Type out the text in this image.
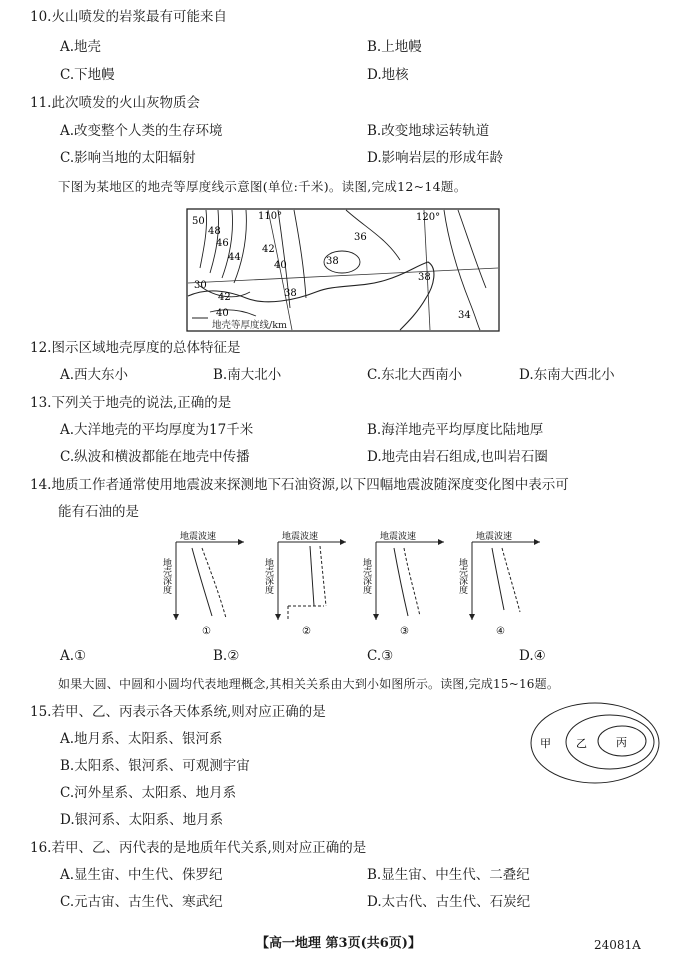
10.火山喷发的岩浆最有可能来自
A.地壳	B.上地幔
C.下地幔	D.地核
11.此次喷发的火山灰物质会
A.改变整个人类的生存环境	B.改变地球运转轨道
C.影响当地的太阳辐射	D.影响岩层的形成年龄
下图为某地区的地壳等厚度线示意图(单位:千米)。读图,完成12~14题。
地壳等厚度线/km
50
48
46
44
42
40
38
36
38
34
30
42
38
40
110°	120°
12.图示区域地壳厚度的总体特征是
A.西大东小	B.南大北小	C.东北大西南小	D.东南大西北小
13.下列关于地壳的说法,正确的是
A.大洋地壳的平均厚度为17千米	B.海洋地壳平均厚度比陆地厚
C.纵波和横波都能在地壳中传播	D.地壳由岩石组成,也叫岩石圈
14.地质工作者通常使用地震波来探测地下石油资源,以下四幅地震波随深度变化图中表示可
能有石油的是
地震波速
地壳深度
①
地震波速
地壳深度
②
地震波速
地壳深度
③
地震波速
地壳深度
④
A.①	B.②	C.③	D.④
如果大圆、中圆和小圆均代表地理概念,其相关关系由大到小如图所示。读图,完成15~16题。
甲 乙	丙
15.若甲、乙、丙表示各天体系统,则对应正确的是
A.地月系、太阳系、银河系
B.太阳系、银河系、可观测宇宙
C.河外星系、太阳系、地月系
D.银河系、太阳系、地月系
16.若甲、乙、丙代表的是地质年代关系,则对应正确的是
A.显生宙、中生代、侏罗纪	B.显生宙、中生代、二叠纪
C.元古宙、古生代、寒武纪	D.太古代、古生代、石炭纪
【高一地理 第3页(共6页)】	24081A
